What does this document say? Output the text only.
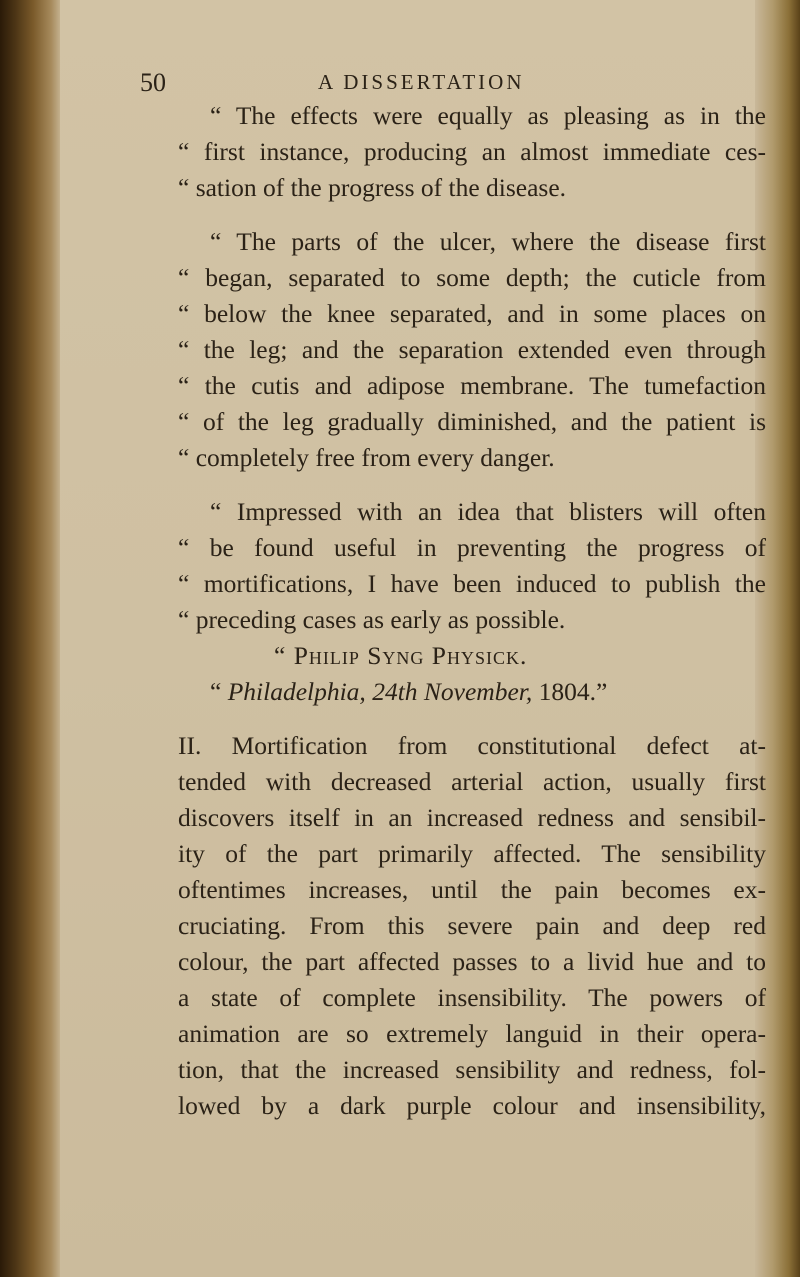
50	A DISSERTATION
“ The effects were equally as pleasing as in the
“ first instance, producing an almost immediate ces-
“ sation of the progress of the disease.
“ The parts of the ulcer, where the disease first
“ began, separated to some depth; the cuticle from
“ below the knee separated, and in some places on
“ the leg; and the separation extended even through
“ the cutis and adipose membrane. The tumefaction
“ of the leg gradually diminished, and the patient is
“ completely free from every danger.
“ Impressed with an idea that blisters will often
“ be found useful in preventing the progress of
“ mortifications, I have been induced to publish the
“ preceding cases as early as possible.
“ Philip Syng Physick.
“ Philadelphia, 24th November, 1804.”
II. Mortification from constitutional defect at-
tended with decreased arterial action, usually first
discovers itself in an increased redness and sensibil-
ity of the part primarily affected. The sensibility
oftentimes increases, until the pain becomes ex-
cruciating. From this severe pain and deep red
colour, the part affected passes to a livid hue and to
a state of complete insensibility. The powers of
animation are so extremely languid in their opera-
tion, that the increased sensibility and redness, fol-
lowed by a dark purple colour and insensibility,
